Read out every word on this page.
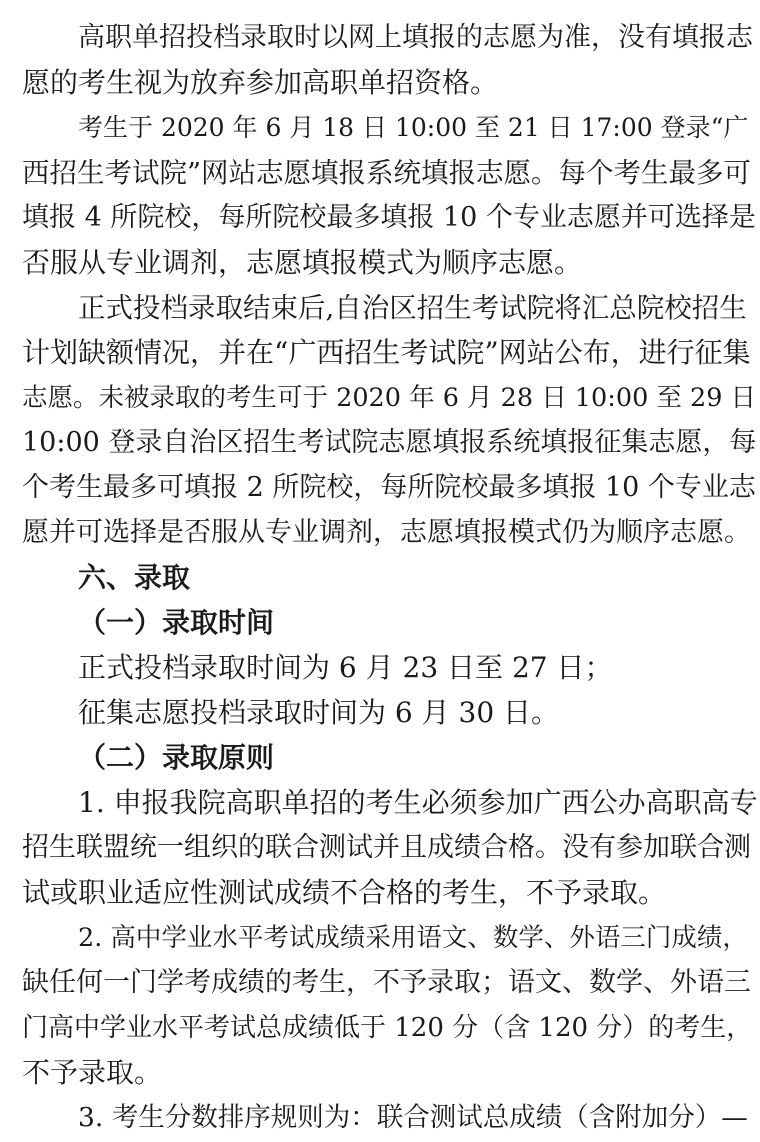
高职单招投档录取时以网上填报的志愿为准，没有填报志
愿的考生视为放弃参加高职单招资格。
考生于 2020 年 6 月 18 日 10:00 至 21 日 17:00 登录“广
西招生考试院”网站志愿填报系统填报志愿。每个考生最多可
填报 4 所院校，每所院校最多填报 10 个专业志愿并可选择是
否服从专业调剂，志愿填报模式为顺序志愿。
正式投档录取结束后,自治区招生考试院将汇总院校招生
计划缺额情况，并在“广西招生考试院”网站公布，进行征集
志愿。未被录取的考生可于 2020 年 6 月 28 日 10:00 至 29 日
10:00 登录自治区招生考试院志愿填报系统填报征集志愿，每
个考生最多可填报 2 所院校，每所院校最多填报 10 个专业志
愿并可选择是否服从专业调剂，志愿填报模式仍为顺序志愿。
六、录取
（一）录取时间
正式投档录取时间为 6 月 23 日至 27 日；
征集志愿投档录取时间为 6 月 30 日。
（二）录取原则
1. 申报我院高职单招的考生必须参加广西公办高职高专
招生联盟统一组织的联合测试并且成绩合格。没有参加联合测
试或职业适应性测试成绩不合格的考生，不予录取。
2. 高中学业水平考试成绩采用语文、数学、外语三门成绩，
缺任何一门学考成绩的考生，不予录取；语文、数学、外语三
门高中学业水平考试总成绩低于 120 分（含 120 分）的考生，
不予录取。
3. 考生分数排序规则为：联合测试总成绩（含附加分）—
